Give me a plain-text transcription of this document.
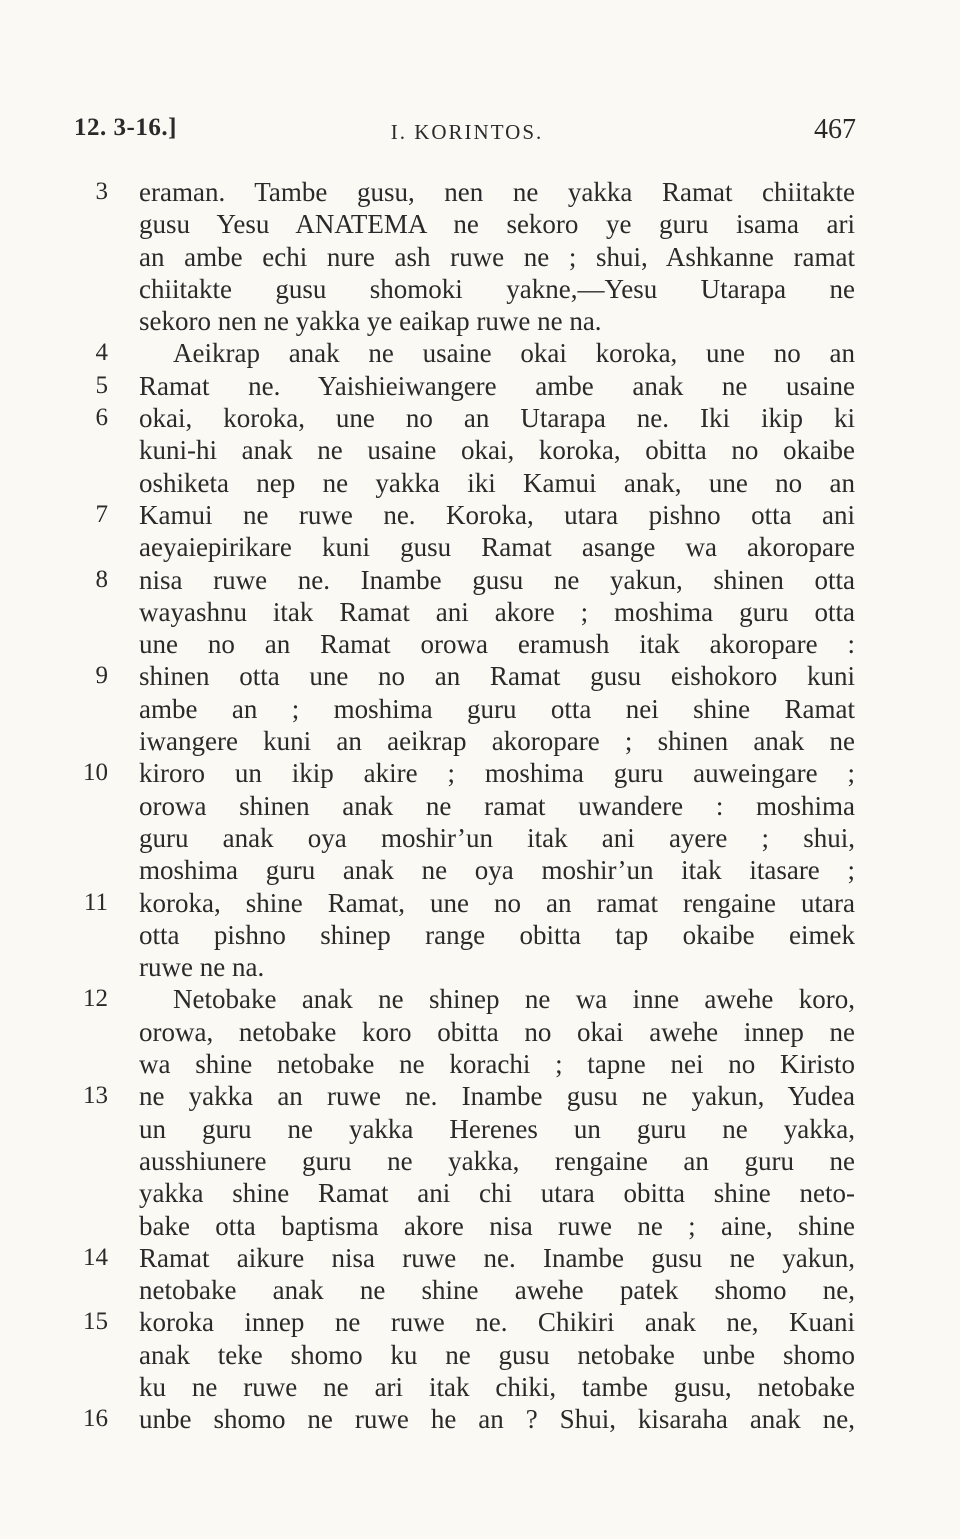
12. 3-16.]	I. KORINTOS.	467
3 eraman. Tambe gusu, nen ne yakka Ramat chiitakte
gusu Yesu ANATEMA ne sekoro ye guru isama ari
an ambe echi nure ash ruwe ne ; shui, Ashkanne ramat
chiitakte gusu shomoki yakne,—Yesu Utarapa ne
sekoro nen ne yakka ye eaikap ruwe ne na.
4 Aeikrap anak ne usaine okai koroka, une no an
5 Ramat ne. Yaishieiwangere ambe anak ne usaine
6 okai, koroka, une no an Utarapa ne. Iki ikip ki
kuni-hi anak ne usaine okai, koroka, obitta no okaibe
oshiketa nep ne yakka iki Kamui anak, une no an
7 Kamui ne ruwe ne. Koroka, utara pishno otta ani
aeyaiepirikare kuni gusu Ramat asange wa akoropare
8 nisa ruwe ne. Inambe gusu ne yakun, shinen otta
wayashnu itak Ramat ani akore ; moshima guru otta
une no an Ramat orowa eramush itak akoropare :
9 shinen otta une no an Ramat gusu eishokoro kuni
ambe an ; moshima guru otta nei shine Ramat
iwangere kuni an aeikrap akoropare ; shinen anak ne
10 kiroro un ikip akire ; moshima guru auweingare ;
orowa shinen anak ne ramat uwandere : moshima
guru anak oya moshir’un itak ani ayere ; shui,
moshima guru anak ne oya moshir’un itak itasare ;
11 koroka, shine Ramat, une no an ramat rengaine utara
otta pishno shinep range obitta tap okaibe eimek
ruwe ne na.
12 Netobake anak ne shinep ne wa inne awehe koro,
orowa, netobake koro obitta no okai awehe innep ne
wa shine netobake ne korachi ; tapne nei no Kiristo
13 ne yakka an ruwe ne. Inambe gusu ne yakun, Yudea
un guru ne yakka Herenes un guru ne yakka,
ausshiunere guru ne yakka, rengaine an guru ne
yakka shine Ramat ani chi utara obitta shine neto-
bake otta baptisma akore nisa ruwe ne ; aine, shine
14 Ramat aikure nisa ruwe ne. Inambe gusu ne yakun,
netobake anak ne shine awehe patek shomo ne,
15 koroka innep ne ruwe ne. Chikiri anak ne, Kuani
anak teke shomo ku ne gusu netobake unbe shomo
ku ne ruwe ne ari itak chiki, tambe gusu, netobake
16 unbe shomo ne ruwe he an ? Shui, kisaraha anak ne,
